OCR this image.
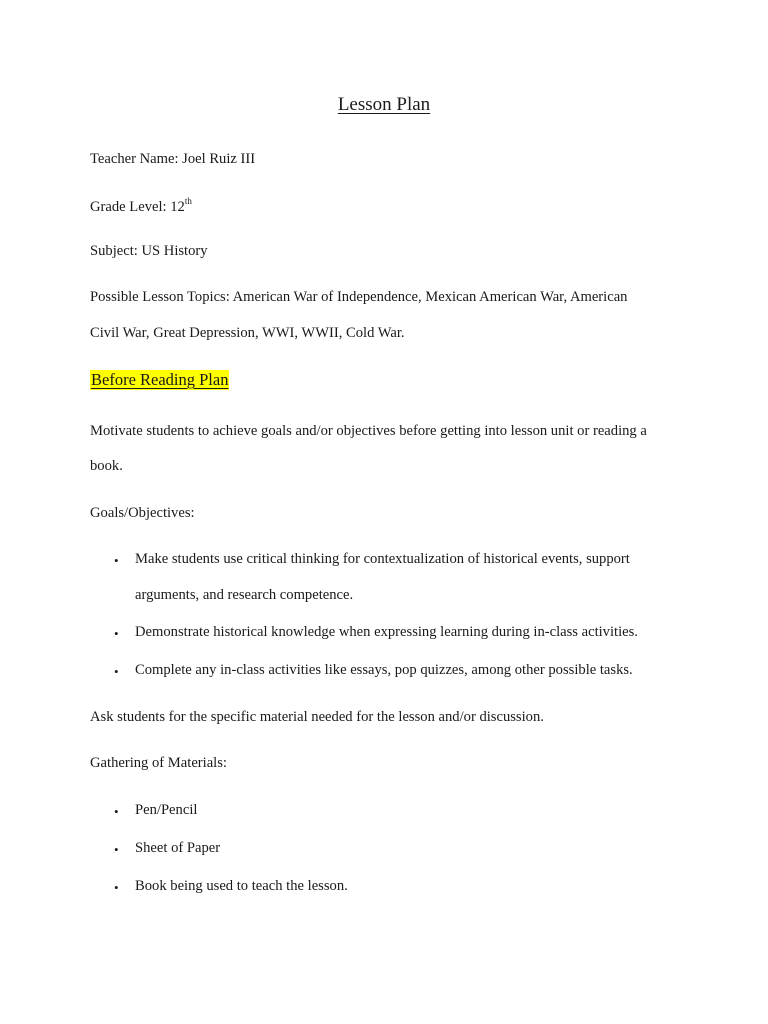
Lesson Plan
Teacher Name: Joel Ruiz III
Grade Level: 12th
Subject: US History
Possible Lesson Topics: American War of Independence, Mexican American War, American
Civil War, Great Depression, WWI, WWII, Cold War.
Before Reading Plan
Motivate students to achieve goals and/or objectives before getting into lesson unit or reading a
book.
Goals/Objectives:
• Make students use critical thinking for contextualization of historical events, support
arguments, and research competence.
• Demonstrate historical knowledge when expressing learning during in-class activities.
• Complete any in-class activities like essays, pop quizzes, among other possible tasks.
Ask students for the specific material needed for the lesson and/or discussion.
Gathering of Materials:
• Pen/Pencil
• Sheet of Paper
• Book being used to teach the lesson.
